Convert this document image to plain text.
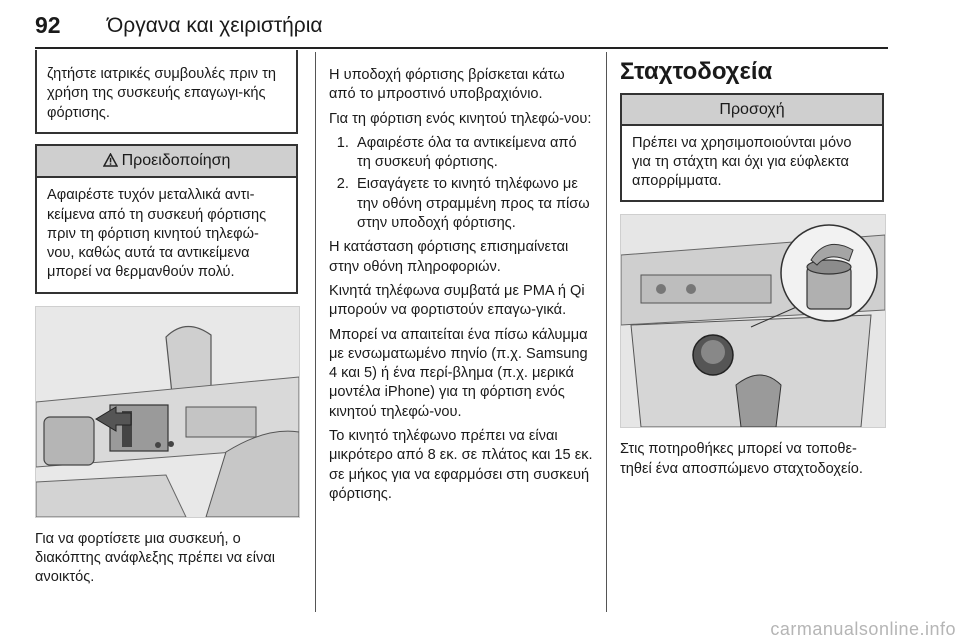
92 Όργανα και χειριστήρια
ζητήστε ιατρικές συμβουλές πριν τη χρήση της συσκευής επαγωγι-κής φόρτισης.
Προειδοποίηση
Αφαιρέστε τυχόν μεταλλικά αντι-κείμενα από τη συσκευή φόρτισης πριν τη φόρτιση κινητού τηλεφώ-νου, καθώς αυτά τα αντικείμενα μπορεί να θερμανθούν πολύ.

Για να φορτίσετε μια συσκευή, ο διακόπτης ανάφλεξης πρέπει να είναι ανοικτός.

Η υποδοχή φόρτισης βρίσκεται κάτω από το μπροστινό υποβραχιόνιο.

Για τη φόρτιση ενός κινητού τηλεφώ-νου:

1. Αφαιρέστε όλα τα αντικείμενα από τη συσκευή φόρτισης.
2. Εισαγάγετε το κινητό τηλέφωνο με την οθόνη στραμμένη προς τα πίσω στην υποδοχή φόρτισης.

Η κατάσταση φόρτισης επισημαίνεται στην οθόνη πληροφοριών.

Κινητά τηλέφωνα συμβατά με PMA ή Qi μπορούν να φορτιστούν επαγω-γικά.

Μπορεί να απαιτείται ένα πίσω κάλυμμα με ενσωματωμένο πηνίο (π.χ. Samsung 4 και 5) ή ένα περί-βλημα (π.χ. μερικά μοντέλα iPhone) για τη φόρτιση ενός κινητού τηλεφώ-νου.

Το κινητό τηλέφωνο πρέπει να είναι μικρότερο από 8 εκ. σε πλάτος και 15 εκ. σε μήκος για να εφαρμόσει στη συσκευή φόρτισης.

Σταχτοδοχεία
Προσοχή
Πρέπει να χρησιμοποιούνται μόνο για τη στάχτη και όχι για εύφλεκτα απορρίμματα.

Στις ποτηροθήκες μπορεί να τοποθε-τηθεί ένα αποσπώμενο σταχτοδοχείο.

carmanualsonline.info
